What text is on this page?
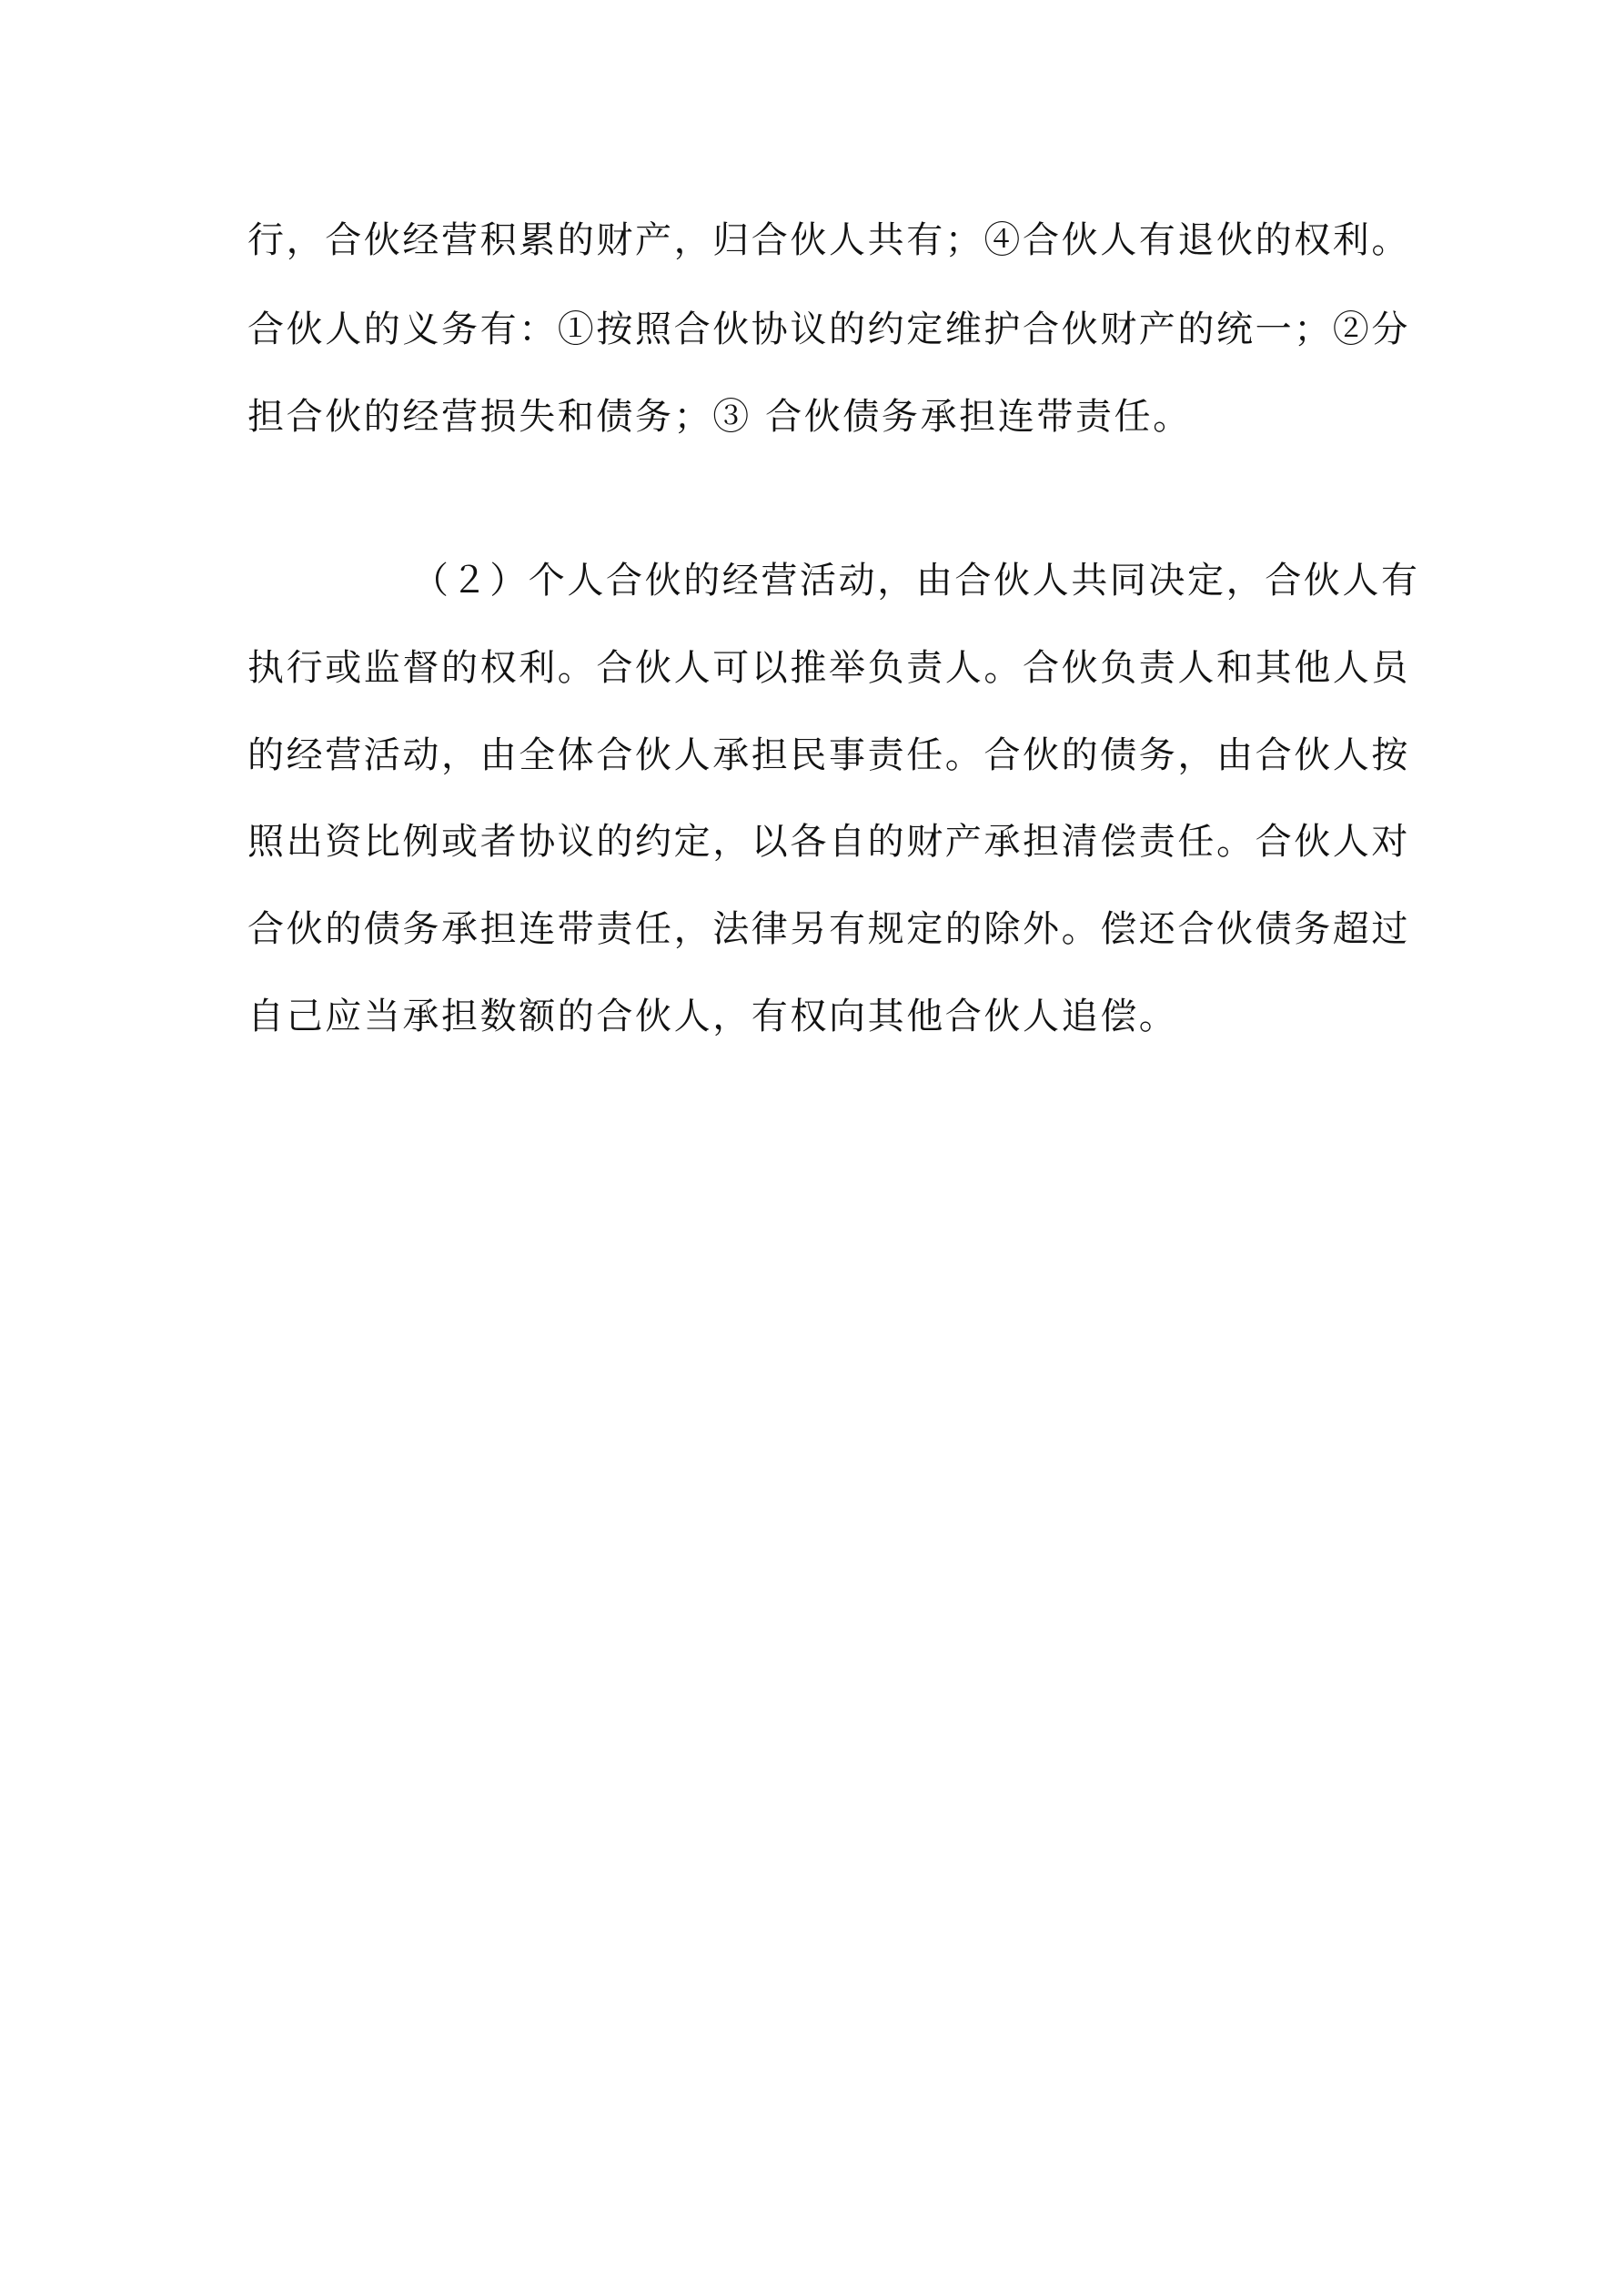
行，合伙经营积累的财产，归合伙人共有；④合伙人有退伙的权利。
合伙人的义务有：①按照合伙协议的约定维护合伙财产的统一；②分
担合伙的经营损失和债务；③ 合伙债务承担连带责任。
（２）个人合伙的经营活动，由合伙人共同决定，合伙人有
执行或监督的权利。合伙人可以推举负责人。合伙负责人和其他人员
的经营活动，由全体合伙人承担民事责任。合伙的债务，由合伙人按
照出资比例或者协议的约定，以各自的财产承担清偿责任。合伙人对
合伙的债务承担连带责任，法律另有规定的除外。偿还合伙债务超过
自己应当承担数额的合伙人，有权向其他合伙人追偿。
